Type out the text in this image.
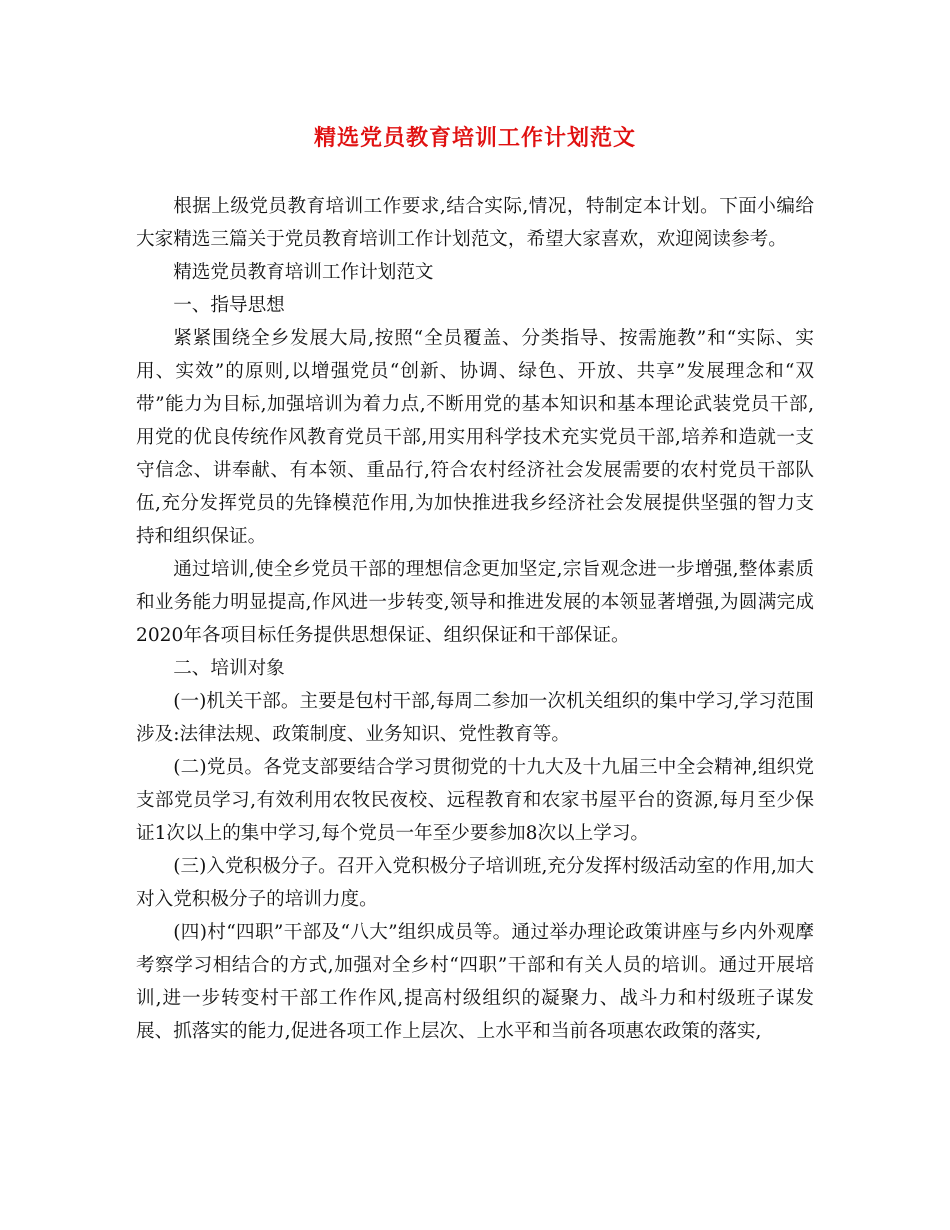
精选党员教育培训工作计划范文

根据上级党员教育培训工作要求,结合实际,情况，特制定本计划。下面小编给大家精选三篇关于党员教育培训工作计划范文，希望大家喜欢，欢迎阅读参考。

精选党员教育培训工作计划范文

一、指导思想

紧紧围绕全乡发展大局,按照“全员覆盖、分类指导、按需施教”和“实际、实用、实效”的原则,以增强党员“创新、协调、绿色、开放、共享”发展理念和“双带”能力为目标,加强培训为着力点,不断用党的基本知识和基本理论武装党员干部,用党的优良传统作风教育党员干部,用实用科学技术充实党员干部,培养和造就一支守信念、讲奉献、有本领、重品行,符合农村经济社会发展需要的农村党员干部队伍,充分发挥党员的先锋模范作用,为加快推进我乡经济社会发展提供坚强的智力支持和组织保证。

通过培训,使全乡党员干部的理想信念更加坚定,宗旨观念进一步增强,整体素质和业务能力明显提高,作风进一步转变,领导和推进发展的本领显著增强,为圆满完成2020年各项目标任务提供思想保证、组织保证和干部保证。

二、培训对象

(一)机关干部。主要是包村干部,每周二参加一次机关组织的集中学习,学习范围涉及:法律法规、政策制度、业务知识、党性教育等。

(二)党员。各党支部要结合学习贯彻党的十九大及十九届三中全会精神,组织党支部党员学习,有效利用农牧民夜校、远程教育和农家书屋平台的资源,每月至少保证1次以上的集中学习,每个党员一年至少要参加8次以上学习。

(三)入党积极分子。召开入党积极分子培训班,充分发挥村级活动室的作用,加大对入党积极分子的培训力度。

(四)村“四职”干部及“八大”组织成员等。通过举办理论政策讲座与乡内外观摩考察学习相结合的方式,加强对全乡村“四职”干部和有关人员的培训。通过开展培训,进一步转变村干部工作作风,提高村级组织的凝聚力、战斗力和村级班子谋发展、抓落实的能力,促进各项工作上层次、上水平和当前各项惠农政策的落实,
